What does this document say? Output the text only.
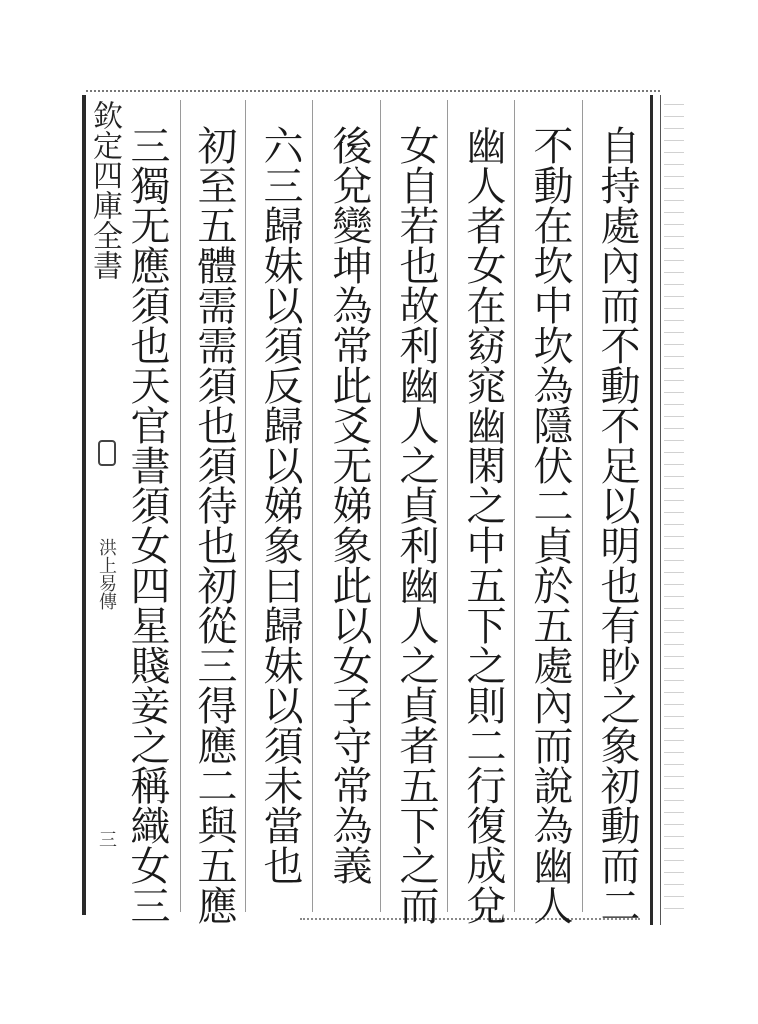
欽定四庫全書
洪上易傳
三	自持處內而不動不足以明也有眇之象初動而二
不動在坎中坎為隱伏二貞於五處內而說為幽人
幽人者女在窈窕幽閑之中五下之則二行復成兌
女自若也故利幽人之貞利幽人之貞者五下之而
後兌變坤為常此爻无娣象此以女子守常為義
六三歸妹以須反歸以娣象曰歸妹以須未當也
初至五體需需須也須待也初從三得應二與五應
三獨无應須也天官書須女四星賤妾之稱織女三
